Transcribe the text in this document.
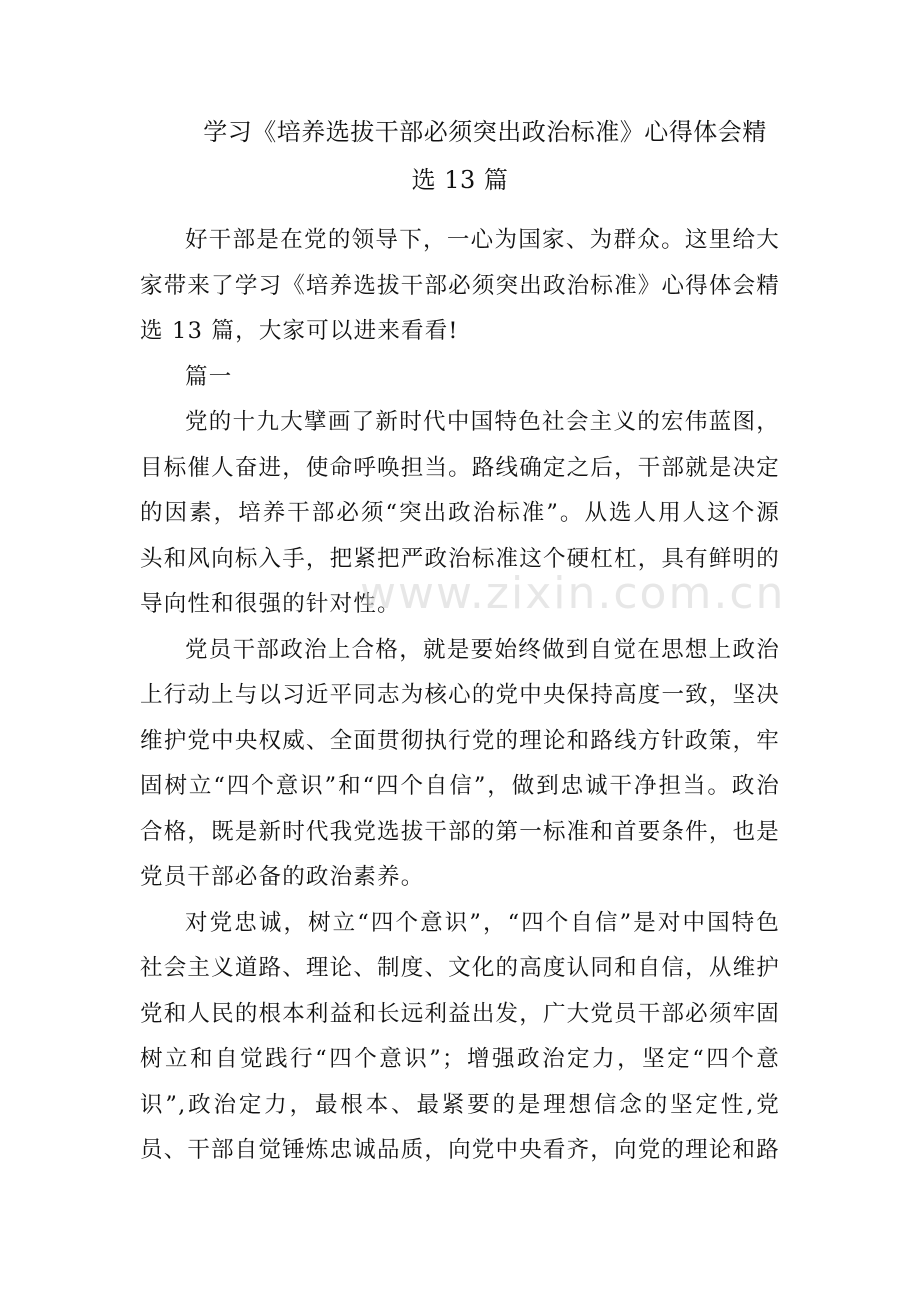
学习《培养选拔干部必须突出政治标准》心得体会精
选 13 篇

好干部是在党的领导下，一心为国家、为群众。这里给大家带来了学习《培养选拔干部必须突出政治标准》心得体会精选 13 篇，大家可以进来看看!

篇一

党的十九大擘画了新时代中国特色社会主义的宏伟蓝图，目标催人奋进，使命呼唤担当。路线确定之后，干部就是决定的因素，培养干部必须“突出政治标准”。从选人用人这个源头和风向标入手，把紧把严政治标准这个硬杠杠，具有鲜明的导向性和很强的针对性。

党员干部政治上合格，就是要始终做到自觉在思想上政治上行动上与以习近平同志为核心的党中央保持高度一致，坚决维护党中央权威、全面贯彻执行党的理论和路线方针政策，牢固树立“四个意识”和“四个自信”，做到忠诚干净担当。政治合格，既是新时代我党选拔干部的第一标准和首要条件，也是党员干部必备的政治素养。

对党忠诚，树立“四个意识”，“四个自信”是对中国特色社会主义道路、理论、制度、文化的高度认同和自信，从维护党和人民的根本利益和长远利益出发，广大党员干部必须牢固树立和自觉践行“四个意识”；增强政治定力，坚定“四个意识”,政治定力，最根本、最紧要的是理想信念的坚定性,党员、干部自觉锤炼忠诚品质，向党中央看齐，向党的理论和路

www.zixin.com.cn
